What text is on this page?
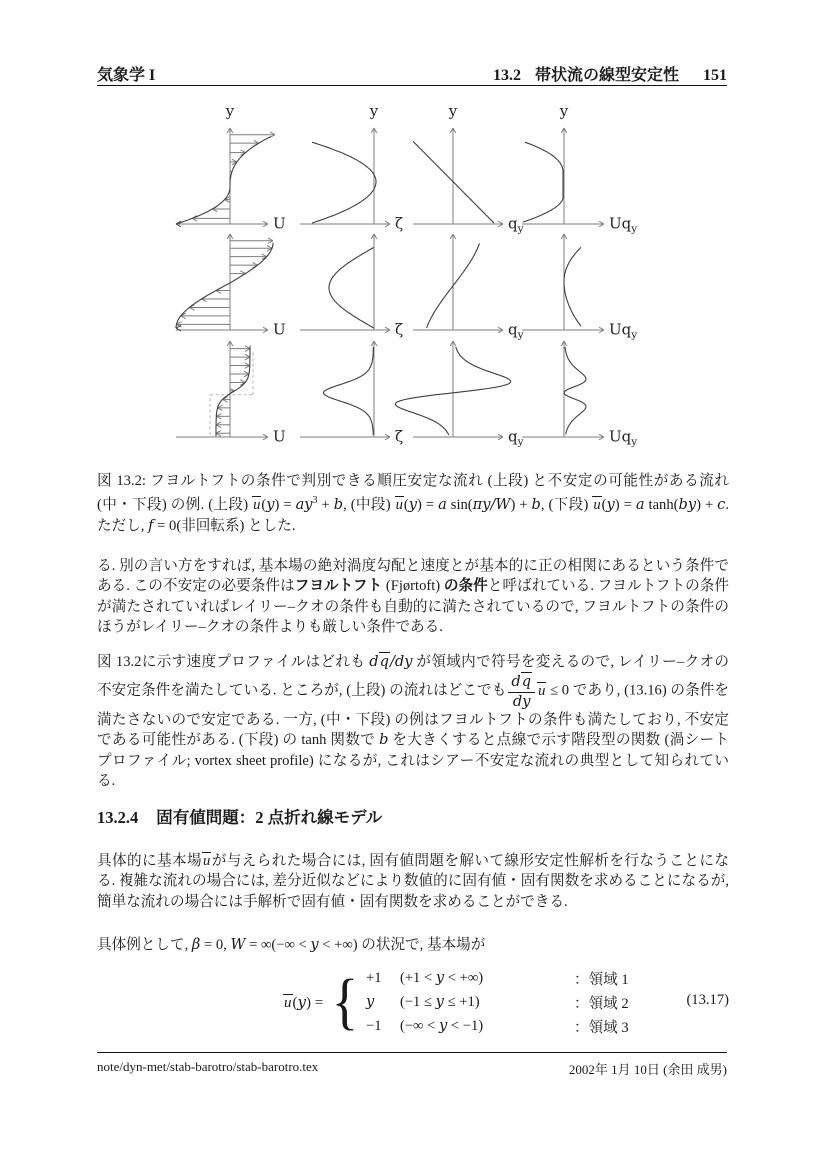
気象学 I	13.2 帯状流の線型安定性 151
U
y
ζ
y
$q_y$
y
$Uq_y$
y
U	ζ	$q_y$	$Uq_y$
U	ζ	$q_y$	$Uq_y$
図 13.2: フヨルトフトの条件で判別できる順圧安定な流れ (上段) と不安定の可能性がある流れ (中・下段) の例. (上段) $u(y) = ay^3 + b$, (中段) u(y) = a sin(πy/W) + b, (下段) u(y) = a tanh(by) + c. ただし, f = 0(非回転系) とした.
る. 別の言い方をすれば, 基本場の絶対渦度勾配と速度とが基本的に正の相関にあるという条件である. この不安定の必要条件はフヨルトフト (Fjørtoft) の条件と呼ばれている. フヨルトフトの条件が満たされていればレイリー–クオの条件も自動的に満たされているので, フヨルトフトの条件のほうがレイリー–クオの条件よりも厳しい条件である.
図 13.2に示す速度プロファイルはどれも dq/dy が領域内で符号を変えるので, レイリー–クオの不安定条件を満たしている. ところが, (上段) の流れはどこでも $\frac{dq}{dy}$ u ≤ 0 であり, (13.16) の条件を満たさないので安定である. 一方, (中・下段) の例はフヨルトフトの条件も満たしており, 不安定である可能性がある. (下段) の tanh 関数で b を大きくすると点線で示す階段型の関数 (渦シートプロファイル; vortex sheet profile) になるが, これはシアー不安定な流れの典型として知られている.
13.2.4 固有値問題：2 点折れ線モデル
具体的に基本場uが与えられた場合には, 固有値問題を解いて線形安定性解析を行なうことになる. 複雑な流れの場合には, 差分近似などにより数値的に固有値・固有関数を求めることになるが, 簡単な流れの場合には手解析で固有値・固有関数を求めることができる.
具体例として, β = 0, W = ∞(−∞ < y < +∞) の状況で, 基本場が
u(y) = { +1	(+1 < y < +∞)	：領域 1
y	(−1 ≤ y ≤ +1)	：領域 2
−1	(−∞ < y < −1)	：領域 3
(13.17)
note/dyn-met/stab-barotro/stab-barotro.tex	2002年 1月 10日 (余田 成男)
